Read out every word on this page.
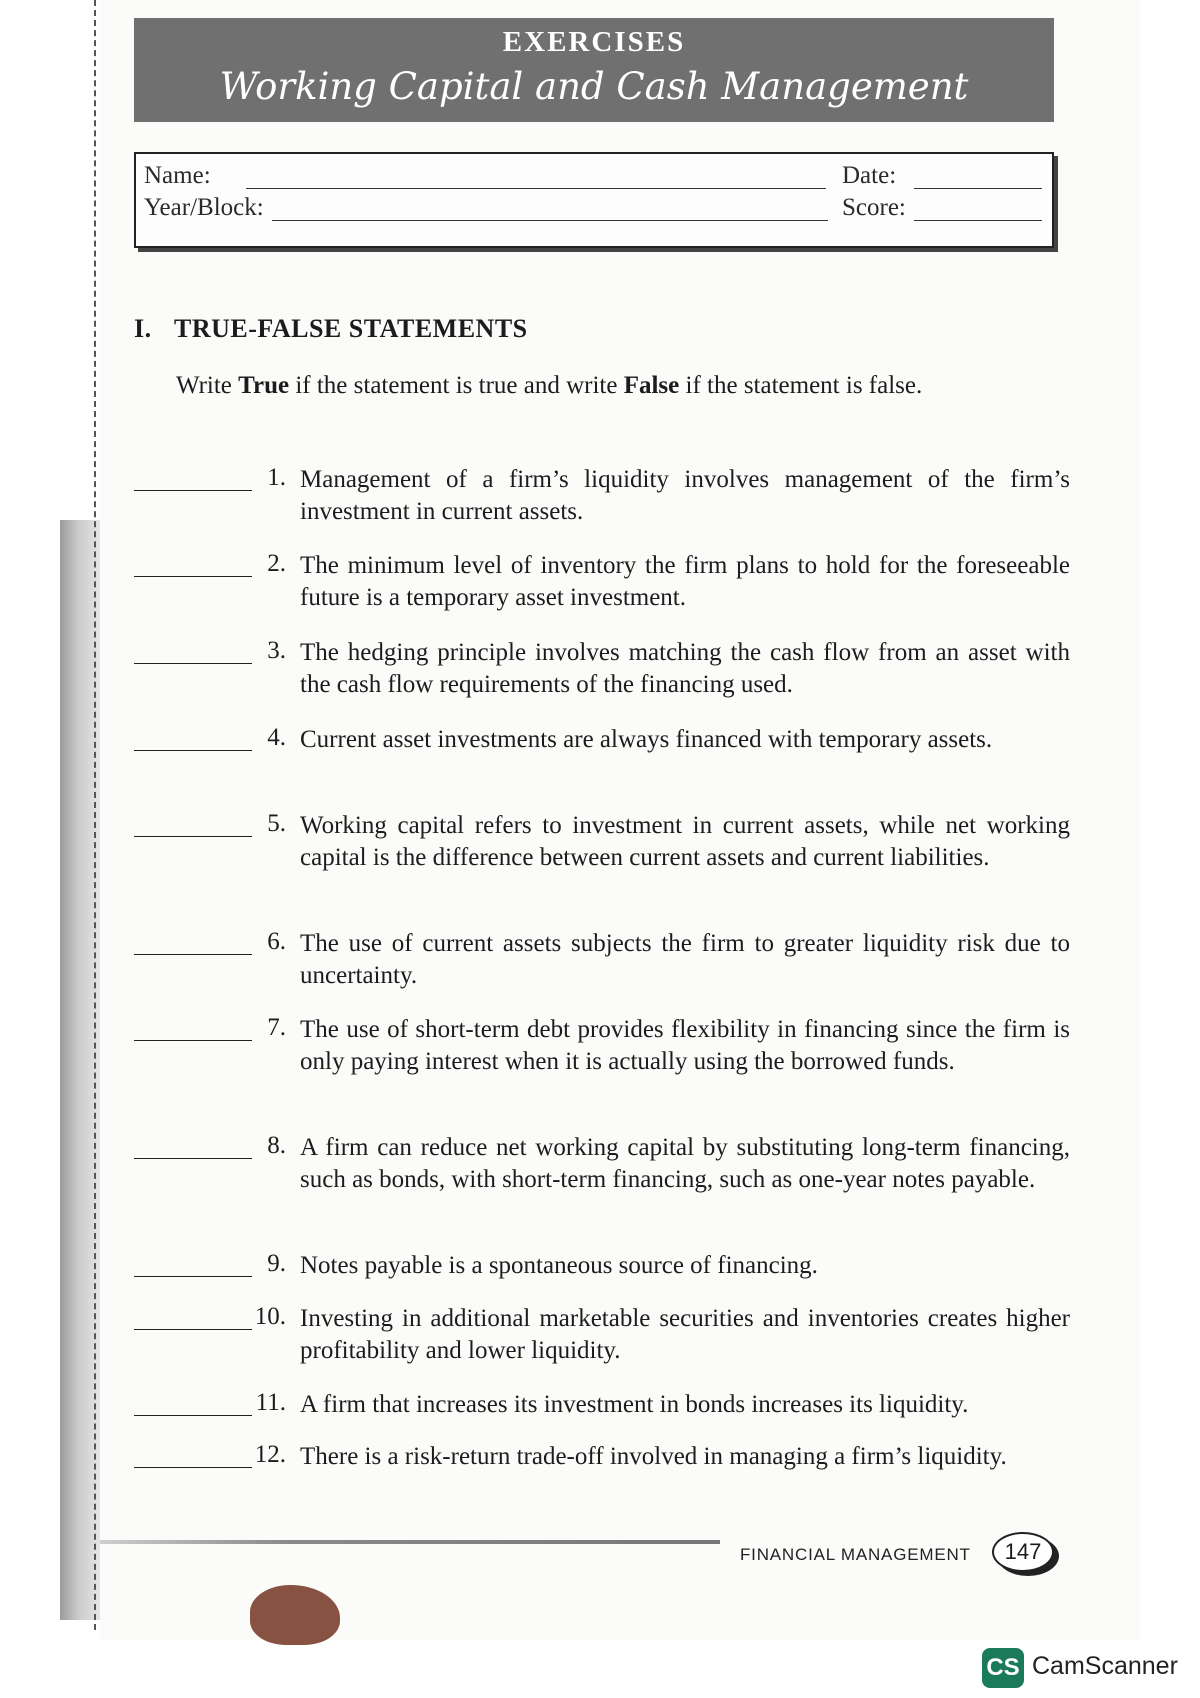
EXERCISES
Working Capital and Cash Management
Name:
Year/Block:
Date:
Score:
I. TRUE-FALSE STATEMENTS
Write True if the statement is true and write False if the statement is false.
1. Management of a firm’s liquidity involves management of the firm’s investment in current assets.
2. The minimum level of inventory the firm plans to hold for the foreseeable future is a temporary asset investment.
3. The hedging principle involves matching the cash flow from an asset with the cash flow requirements of the financing used.
4. Current asset investments are always financed with temporary assets.
5. Working capital refers to investment in current assets, while net working capital is the difference between current assets and current liabilities.
6. The use of current assets subjects the firm to greater liquidity risk due to uncertainty.
7. The use of short-term debt provides flexibility in financing since the firm is only paying interest when it is actually using the borrowed funds.
8. A firm can reduce net working capital by substituting long-term financing, such as bonds, with short-term financing, such as one-year notes payable.
9. Notes payable is a spontaneous source of financing.
10. Investing in additional marketable securities and inventories creates higher profitability and lower liquidity.
11. A firm that increases its investment in bonds increases its liquidity.
12. There is a risk-return trade-off involved in managing a firm’s liquidity.
FINANCIAL MANAGEMENT	147
CS CamScanner
